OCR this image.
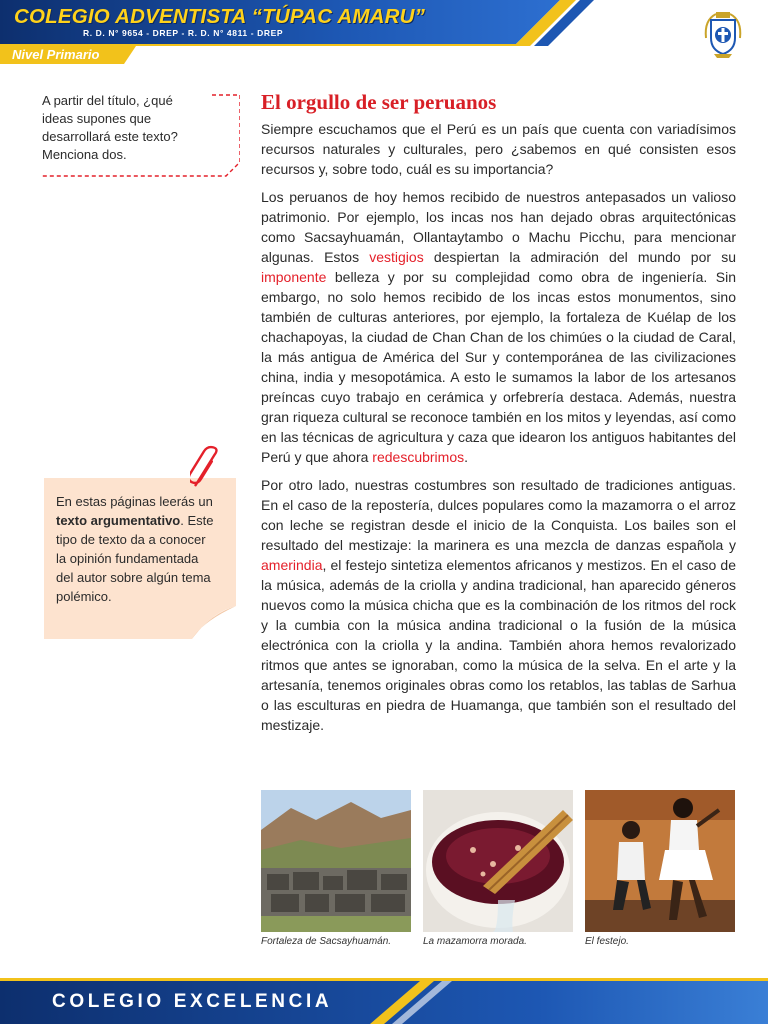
COLEGIO ADVENTISTA “TÚPAC AMARU”
R. D. N° 9654 - DREP - R. D. N° 4811 - DREP
Nivel Primario
A partir del título, ¿qué ideas supones que desarrollará este texto? Menciona dos.
En estas páginas leerás un texto argumentativo. Este tipo de texto da a conocer la opinión fundamentada del autor sobre algún tema polémico.
El orgullo de ser peruanos

Siempre escuchamos que el Perú es un país que cuenta con variadísimos recursos naturales y culturales, pero ¿sabemos en qué consisten esos recursos y, sobre todo, cuál es su importancia?

Los peruanos de hoy hemos recibido de nuestros antepasados un valioso patrimonio. Por ejemplo, los incas nos han dejado obras arquitectónicas como Sacsayhuamán, Ollantaytambo o Machu Picchu, para mencionar algunas. Estos vestigios despiertan la admiración del mundo por su imponente belleza y por su complejidad como obra de ingeniería. Sin embargo, no solo hemos recibido de los incas estos monumentos, sino también de culturas anteriores, por ejemplo, la fortaleza de Kuélap de los chachapoyas, la ciudad de Chan Chan de los chimúes o la ciudad de Caral, la más antigua de América del Sur y contemporánea de las civilizaciones china, india y mesopotámica. A esto le sumamos la labor de los artesanos preíncas cuyo trabajo en cerámica y orfebrería destaca. Además, nuestra gran riqueza cultural se reconoce también en los mitos y leyendas, así como en las técnicas de agricultura y caza que idearon los antiguos habitantes del Perú y que ahora redescubrimos.

Por otro lado, nuestras costumbres son resultado de tradiciones antiguas. En el caso de la repostería, dulces populares como la mazamorra o el arroz con leche se registran desde el inicio de la Conquista. Los bailes son el resultado del mestizaje: la marinera es una mezcla de danzas española y amerindia, el festejo sintetiza elementos africanos y mestizos. En el caso de la música, además de la criolla y andina tradicional, han aparecido géneros nuevos como la música chicha que es la combinación de los ritmos del rock y la cumbia con la música andina tradicional o la fusión de la música electrónica con la criolla y la andina. También ahora hemos revalorizado ritmos que antes se ignoraban, como la música de la selva. En el arte y la artesanía, tenemos originales obras como los retablos, las tablas de Sarhua o las esculturas en piedra de Huamanga, que también son el resultado del mestizaje.

Fortaleza de Sacsayhuamán.	La mazamorra morada.	El festejo.
COLEGIO EXCELENCIA
